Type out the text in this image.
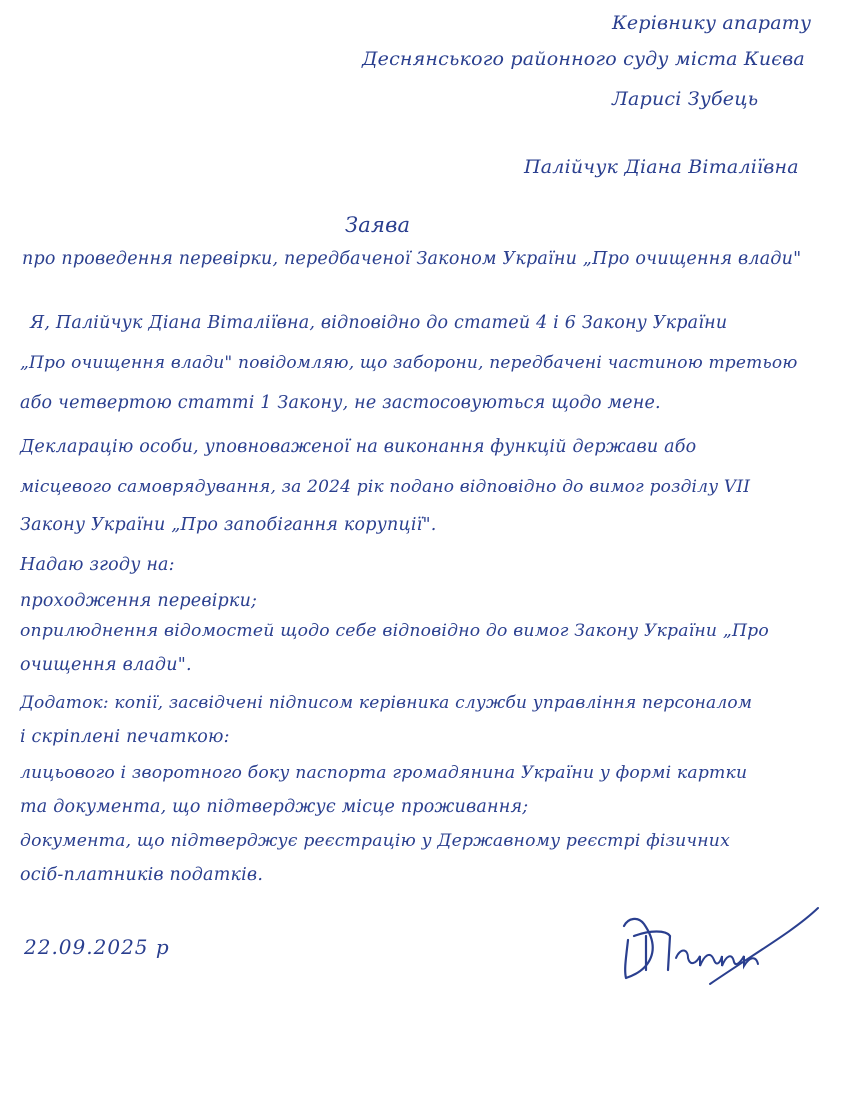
Керівнику апарату
Деснянського районного суду міста Києва
Ларисі Зубець
Палійчук Діана Віталіївна
Заява
про проведення перевірки, передбаченої Законом України „Про очищення влади"
Я, Палійчук Діана Віталіївна, відповідно до статей 4 і 6 Закону України
„Про очищення влади" повідомляю, що заборони, передбачені частиною третьою
або четвертою статті 1 Закону, не застосовуються щодо мене.
Декларацію особи, уповноваженої на виконання функцій держави або
місцевого самоврядування, за 2024 рік подано відповідно до вимог розділу VII
Закону України „Про запобігання корупції".
Надаю згоду на:
проходження перевірки;
оприлюднення відомостей щодо себе відповідно до вимог Закону України „Про
очищення влади".
Додаток: копії, засвідчені підписом керівника служби управління персоналом
і скріплені печаткою:
лицьового і зворотного боку паспорта громадянина України у формі картки
та документа, що підтверджує місце проживання;
документа, що підтверджує реєстрацію у Державному реєстрі фізичних
осіб-платників податків.
22.09.2025 р
